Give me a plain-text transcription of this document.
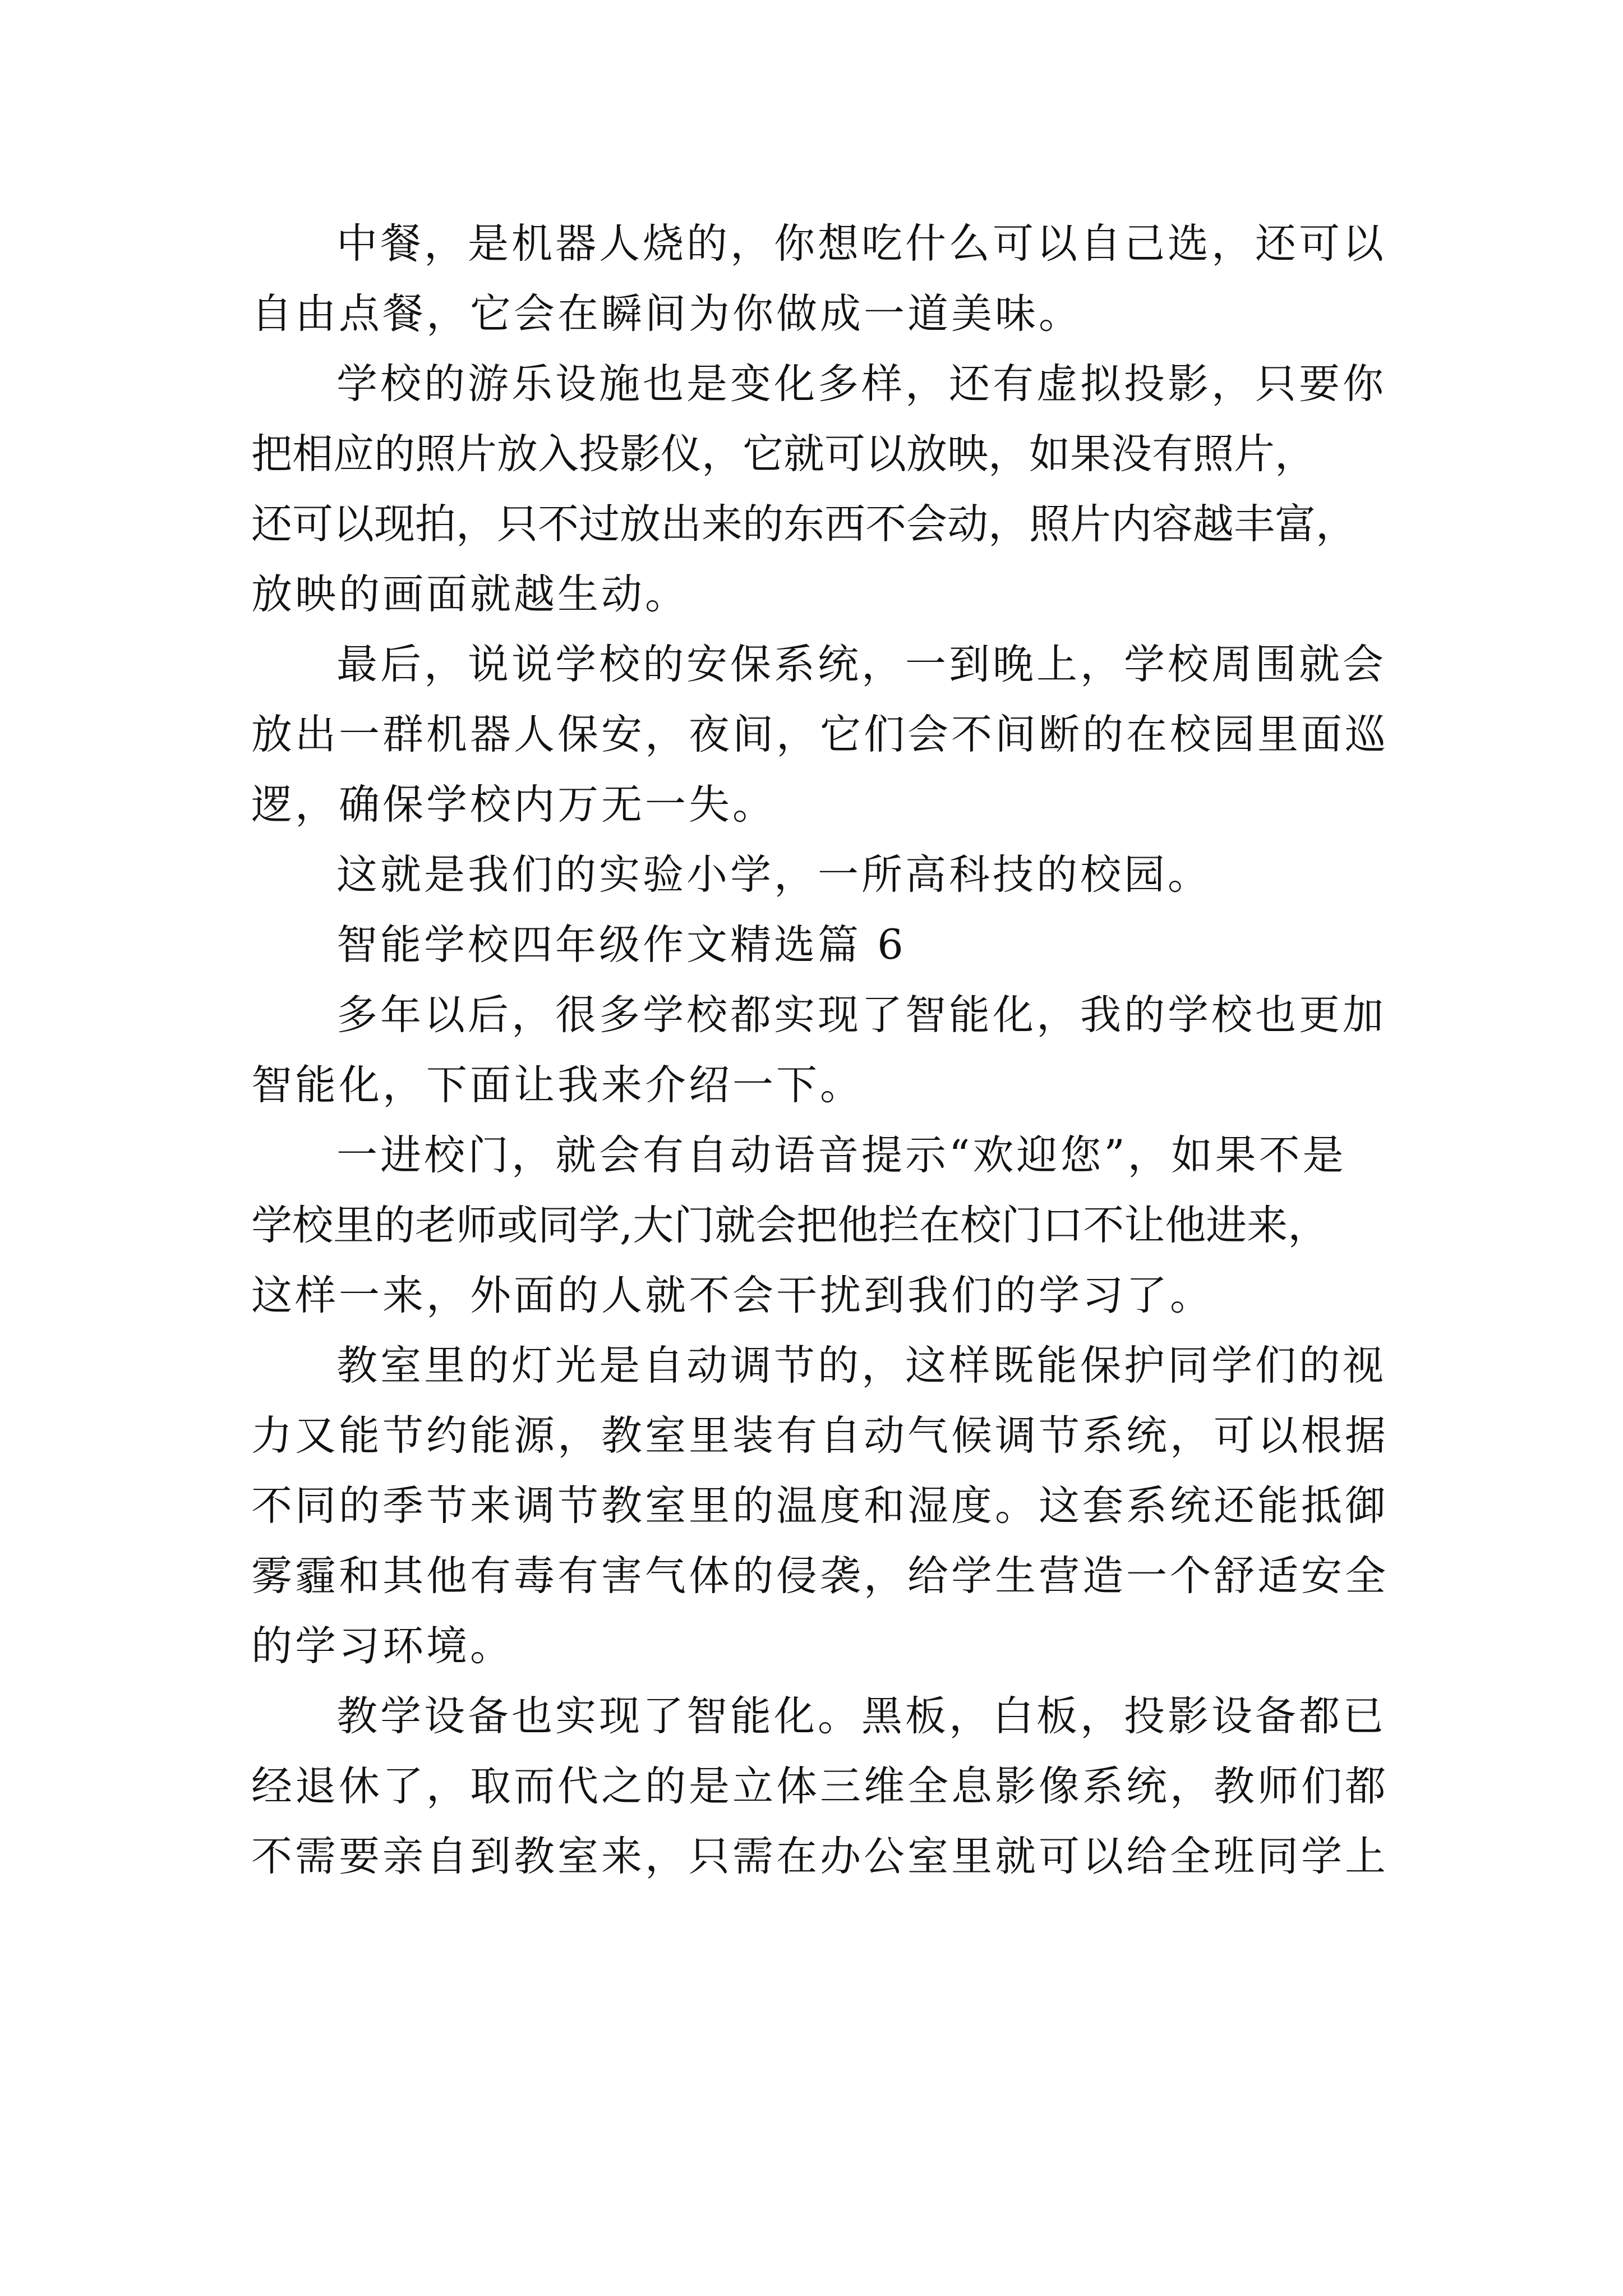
中餐，是机器人烧的，你想吃什么可以自己选，还可以
自由点餐，它会在瞬间为你做成一道美味。
学校的游乐设施也是变化多样，还有虚拟投影，只要你
把相应的照片放入投影仪，它就可以放映，如果没有照片，
还可以现拍，只不过放出来的东西不会动，照片内容越丰富，
放映的画面就越生动。
最后，说说学校的安保系统，一到晚上，学校周围就会
放出一群机器人保安，夜间，它们会不间断的在校园里面巡
逻，确保学校内万无一失。
这就是我们的实验小学，一所高科技的校园。
智能学校四年级作文精选篇 6
多年以后，很多学校都实现了智能化，我的学校也更加
智能化，下面让我来介绍一下。
一进校门，就会有自动语音提示“欢迎您”，如果不是
学校里的老师或同学,大门就会把他拦在校门口不让他进来，
这样一来，外面的人就不会干扰到我们的学习了。
教室里的灯光是自动调节的，这样既能保护同学们的视
力又能节约能源，教室里装有自动气候调节系统，可以根据
不同的季节来调节教室里的温度和湿度。这套系统还能抵御
雾霾和其他有毒有害气体的侵袭，给学生营造一个舒适安全
的学习环境。
教学设备也实现了智能化。黑板，白板，投影设备都已
经退休了，取而代之的是立体三维全息影像系统，教师们都
不需要亲自到教室来，只需在办公室里就可以给全班同学上
